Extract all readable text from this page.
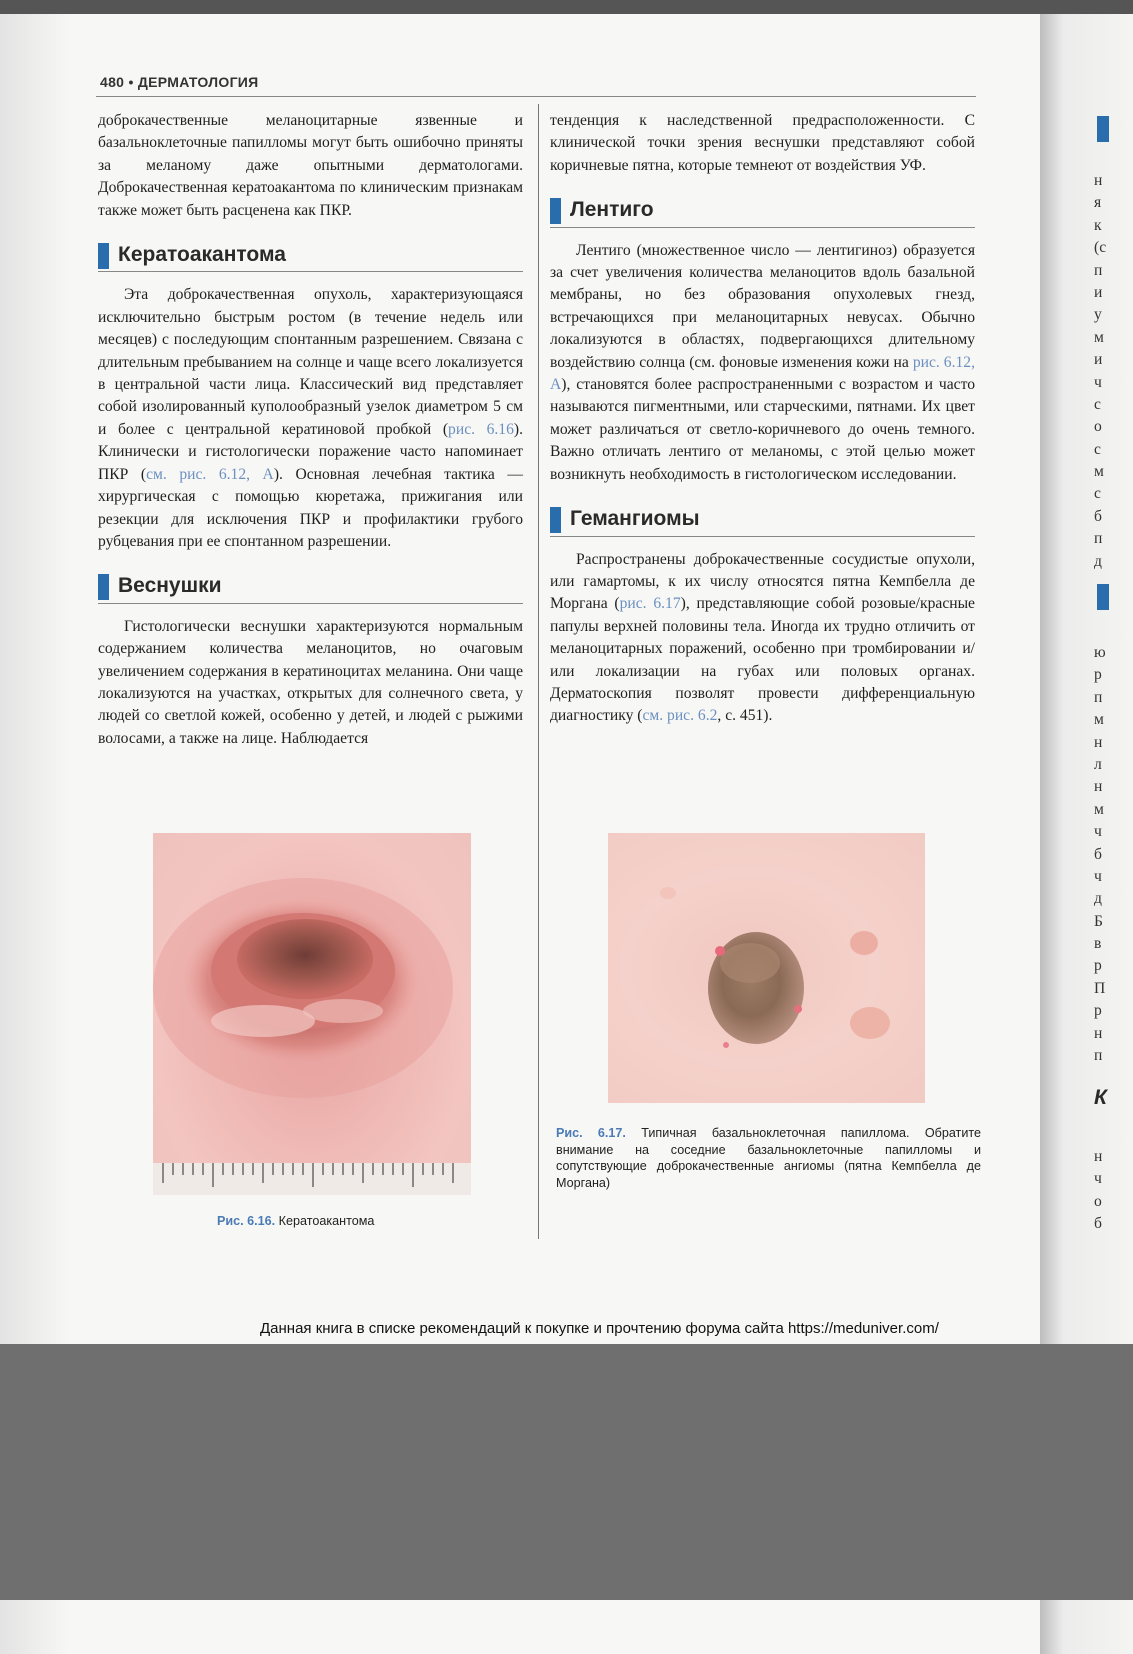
480 • ДЕРМАТОЛОГИЯ

доброкачественные меланоцитарные язвенные и базальноклеточные папилломы могут быть ошибочно приняты за меланому даже опытными дерматологами. Доброкачественная кератоакантома по клиническим признакам также может быть расценена как ПКР.

Кератоакантома

Эта доброкачественная опухоль, характеризующаяся исключительно быстрым ростом (в течение недель или месяцев) с последующим спонтанным разрешением. Связана с длительным пребыванием на солнце и чаще всего локализуется в центральной части лица. Классический вид представляет собой изолированный куполообразный узелок диаметром 5 см и более с центральной кератиновой пробкой (рис. 6.16). Клинически и гистологически поражение часто напоминает ПКР (см. рис. 6.12, А). Основная лечебная тактика — хирургическая с помощью кюретажа, прижигания или резекции для исключения ПКР и профилактики грубого рубцевания при ее спонтанном разрешении.

Веснушки

Гистологически веснушки характеризуются нормальным содержанием количества меланоцитов, но очаговым увеличением содержания в кератиноцитах меланина. Они чаще локализуются на участках, открытых для солнечного света, у людей со светлой кожей, особенно у детей, и людей с рыжими волосами, а также на лице. Наблюдается

тенденция к наследственной предрасположенности. С клинической точки зрения веснушки представляют собой коричневые пятна, которые темнеют от воздействия УФ.

Лентиго

Лентиго (множественное число — лентигиноз) образуется за счет увеличения количества меланоцитов вдоль базальной мембраны, но без образования опухолевых гнезд, встречающихся при меланоцитарных невусах. Обычно локализуются в областях, подвергающихся длительному воздействию солнца (см. фоновые изменения кожи на рис. 6.12, А), становятся более распространенными с возрастом и часто называются пигментными, или старческими, пятнами. Их цвет может различаться от светло-коричневого до очень темного. Важно отличать лентиго от меланомы, с этой целью может возникнуть необходимость в гистологическом исследовании.

Гемангиомы

Распространены доброкачественные сосудистые опухоли, или гамартомы, к их числу относятся пятна Кемпбелла де Моргана (рис. 6.17), представляющие собой розовые/красные папулы верхней половины тела. Иногда их трудно отличить от меланоцитарных поражений, особенно при тромбировании и/или локализации на губах или половых органах. Дерматоскопия позволят провести дифференциальную диагностику (см. рис. 6.2, с. 451).

Рис. 6.16. Кератоакантома
Рис. 6.17. Типичная базальноклеточная папиллома. Обратите внимание на соседние базальноклеточные папилломы и сопутствующие доброкачественные ангиомы (пятна Кемпбелла де Моргана)
н
я
к
(с
п
и
у
м
и
ч
с
о
с
м
с
б
п
д
ю
р
п
м
н
л
н
м
ч
б
ч
д
Б
в
р
П
р
н
п
К
н
ч
о
б
Данная книга в списке рекомендаций к покупке и прочтению форума сайта https://meduniver.com/
